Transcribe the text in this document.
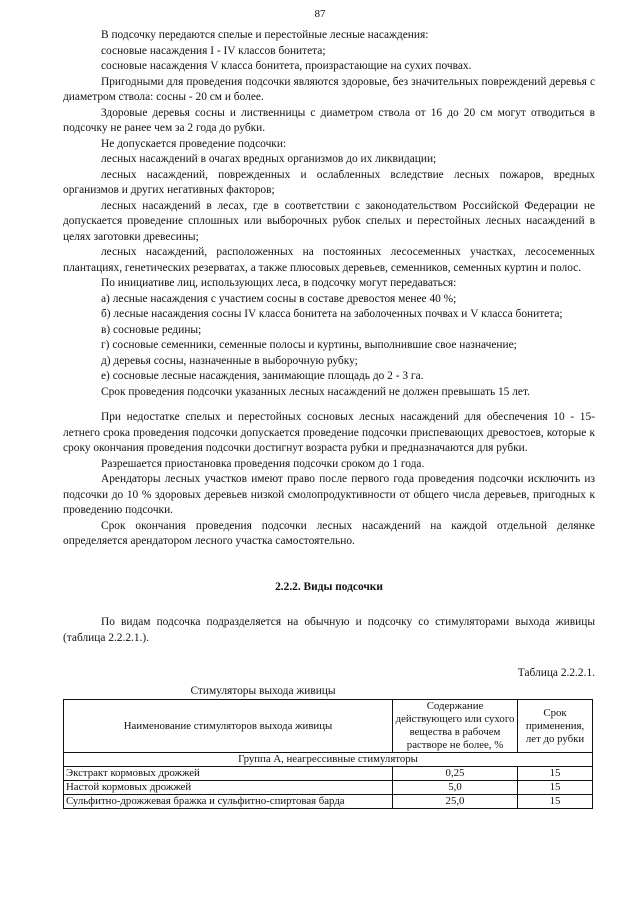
87

В подсочку передаются спелые и перестойные лесные насаждения:

сосновые насаждения I - IV классов бонитета;

сосновые насаждения V класса бонитета, произрастающие на сухих почвах.

Пригодными для проведения подсочки являются здоровые, без значительных повреждений деревья с диаметром ствола: сосны - 20 см и более.

Здоровые деревья сосны и лиственницы с диаметром ствола от 16 до 20 см могут отводиться в подсочку не ранее чем за 2 года до рубки.

Не допускается проведение подсочки:

лесных насаждений в очагах вредных организмов до их ликвидации;

лесных насаждений, поврежденных и ослабленных вследствие лесных пожаров, вредных организмов и других негативных факторов;

лесных насаждений в лесах, где в соответствии с законодательством Российской Федерации не допускается проведение сплошных или выборочных рубок спелых и перестойных лесных насаждений в целях заготовки древесины;

лесных насаждений, расположенных на постоянных лесосеменных участках, лесосеменных плантациях, генетических резерватах, а также плюсовых деревьев, семенников, семенных куртин и полос.

По инициативе лиц, использующих леса, в подсочку могут передаваться:

а) лесные насаждения с участием сосны в составе древостоя менее 40 %;

б) лесные насаждения сосны IV класса бонитета на заболоченных почвах и V класса бонитета;

в) сосновые редины;

г) сосновые семенники, семенные полосы и куртины, выполнившие свое назначение;

д) деревья сосны, назначенные в выборочную рубку;

е) сосновые лесные насаждения, занимающие площадь до 2 - 3 га.

Срок проведения подсочки указанных лесных насаждений не должен превышать 15 лет.

При недостатке спелых и перестойных сосновых лесных насаждений для обеспечения 10 - 15-летнего срока проведения подсочки допускается проведение подсочки приспевающих древостоев, которые к сроку окончания проведения подсочки достигнут возраста рубки и предназначаются для рубки.

Разрешается приостановка проведения подсочки сроком до 1 года.

Арендаторы лесных участков имеют право после первого года проведения подсочки исключить из подсочки до 10 % здоровых деревьев низкой смолопродуктивности от общего числа деревьев, пригодных к проведению подсочки.

Срок окончания проведения подсочки лесных насаждений на каждой отдельной делянке определяется арендатором лесного участка самостоятельно.

2.2.2. Виды подсочки

По видам подсочка подразделяется на обычную и подсочку со стимуляторами выхода живицы (таблица 2.2.2.1.).

Таблица 2.2.2.1.

Стимуляторы выхода живицы

Наименование стимуляторов выхода живицы	Содержание действующего или сухого вещества в рабочем растворе не более, %	Срок применения, лет до рубки
Группа А, неагрессивные стимуляторы		
Экстракт кормовых дрожжей	0,25	15
Настой кормовых дрожжей	5,0	15
Сульфитно-дрожжевая бражка и сульфитно-спиртовая барда	25,0	15
